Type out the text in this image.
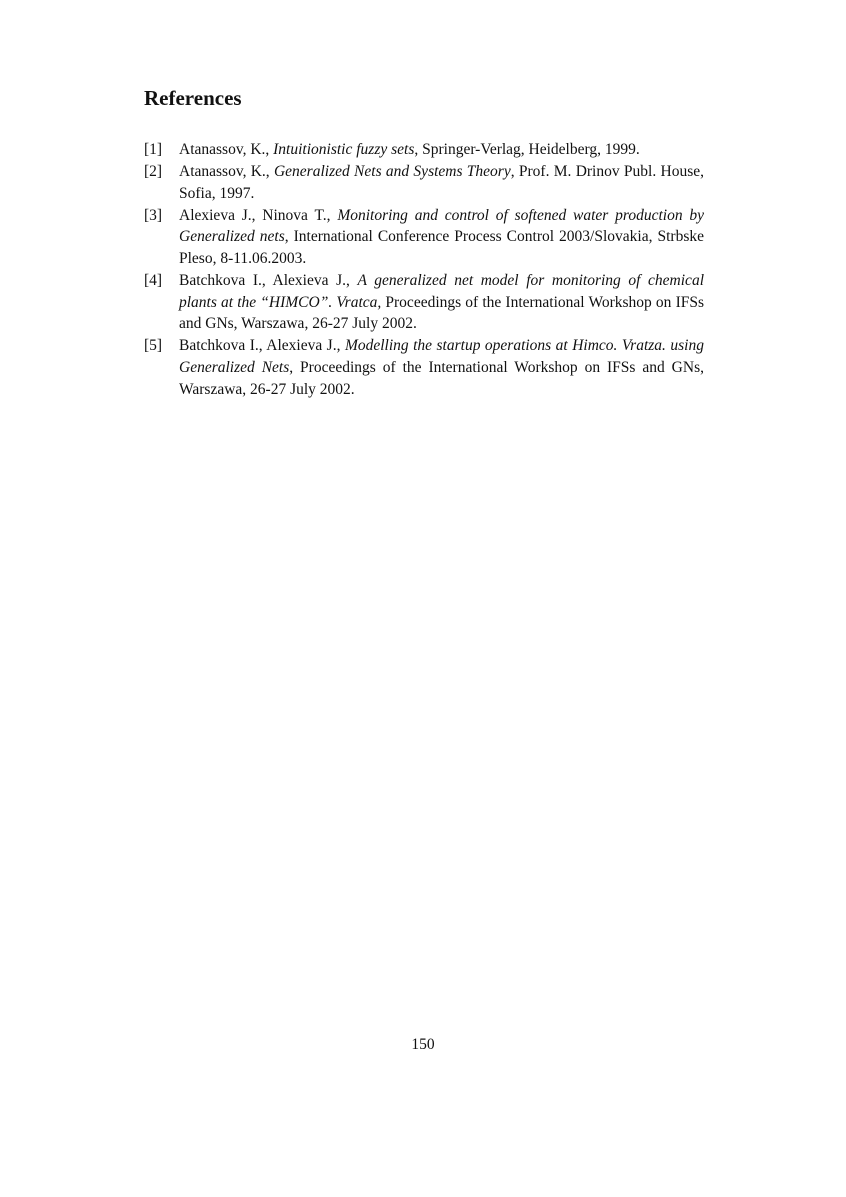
References
[1] Atanassov, K., Intuitionistic fuzzy sets, Springer-Verlag, Heidelberg, 1999.
[2] Atanassov, K., Generalized Nets and Systems Theory, Prof. M. Drinov Publ. House, Sofia, 1997.
[3] Alexieva J., Ninova T., Monitoring and control of softened water production by Generalized nets, International Conference Process Control 2003/Slovakia, Strbske Pleso, 8-11.06.2003.
[4] Batchkova I., Alexieva J., A generalized net model for monitoring of chemical plants at the “HIMCO”. Vratca, Proceedings of the International Workshop on IFSs and GNs, Warszawa, 26-27 July 2002.
[5] Batchkova I., Alexieva J., Modelling the startup operations at Himco. Vratza. using Generalized Nets, Proceedings of the International Workshop on IFSs and GNs, Warszawa, 26-27 July 2002.
150
